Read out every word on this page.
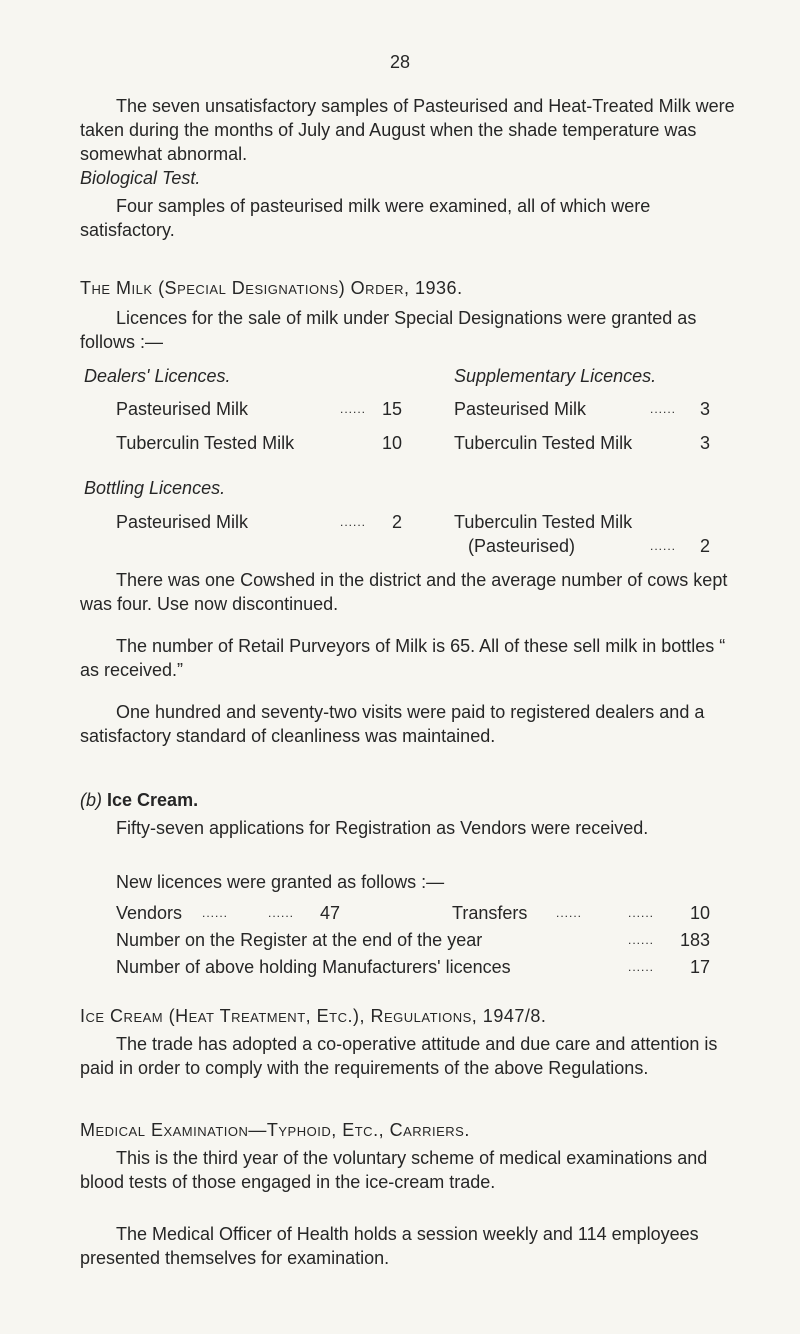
28

The seven unsatisfactory samples of Pasteurised and Heat-Treated Milk were taken during the months of July and August when the shade temperature was somewhat abnormal.

Biological Test.

Four samples of pasteurised milk were examined, all of which were satisfactory.

The Milk (Special Designations) Order, 1936.

Licences for the sale of milk under Special Designations were granted as follows :—

Dealers' Licences.	Supplementary Licences.
Pasteurised Milk	...... 15	Pasteurised Milk	......	3
Tuberculin Tested Milk	10	Tuberculin Tested Milk	3
Bottling Licences.
Pasteurised Milk	......	2	Tuberculin Tested Milk
(Pasteurised)	......	2

There was one Cowshed in the district and the average number of cows kept was four. Use now discontinued.

The number of Retail Purveyors of Milk is 65. All of these sell milk in bottles “ as received.”

One hundred and seventy-two visits were paid to registered dealers and a satisfactory standard of cleanliness was maintained.

(b) Ice Cream.

Fifty-seven applications for Registration as Vendors were received.

New licences were granted as follows :—

Vendors ......	......	47	Transfers ......	......	10
Number on the Register at the end of the year	......	183
Number of above holding Manufacturers' licences	......	17

Ice Cream (Heat Treatment, Etc.), Regulations, 1947/8.

The trade has adopted a co-operative attitude and due care and attention is paid in order to comply with the requirements of the above Regulations.

Medical Examination—Typhoid, Etc., Carriers.

This is the third year of the voluntary scheme of medical examinations and blood tests of those engaged in the ice-cream trade.

The Medical Officer of Health holds a session weekly and 114 employees presented themselves for examination.
